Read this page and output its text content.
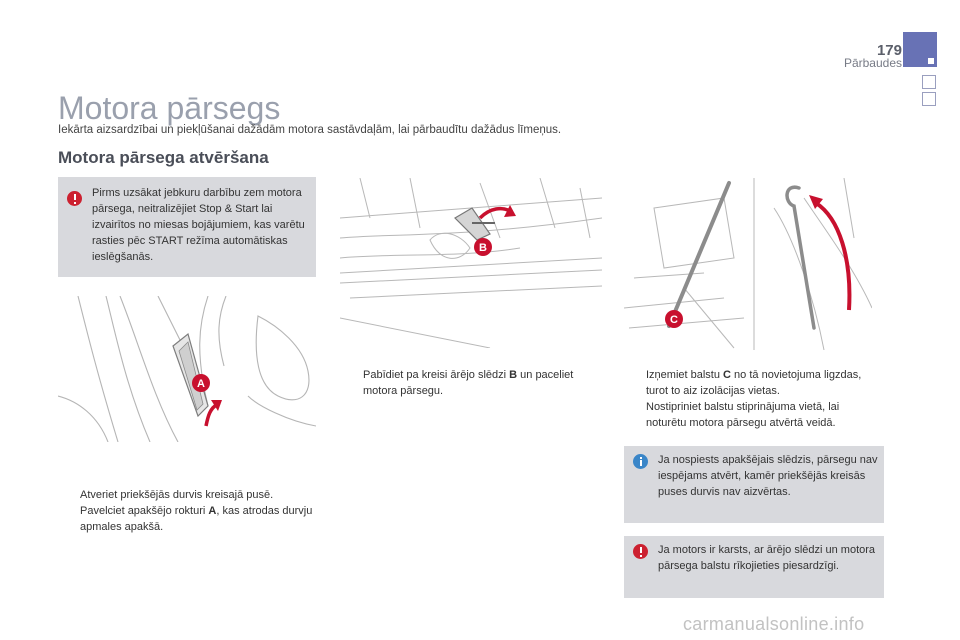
179
Pārbaudes
Motora pārsegs
Iekārta aizsardzībai un piekļūšanai dažādām motora sastāvdaļām, lai pārbaudītu dažādus līmeņus.
Motora pārsega atvēršana
Pirms uzsākat jebkuru darbību zem motora pārsega, neitralizējiet Stop & Start lai izvairītos no miesas bojājumiem, kas varētu rasties pēc START režīma automātiskas ieslēgšanās.
A
B
C
Atveriet priekšējās durvis kreisajā pusē.
Pavelciet apakšējo rokturi A, kas atrodas durvju apmales apakšā.
Pabīdiet pa kreisi ārējo slēdzi B un paceliet motora pārsegu.
Izņemiet balstu C no tā novietojuma ligzdas, turot to aiz izolācijas vietas.
Nostipriniet balstu stiprinājuma vietā, lai noturētu motora pārsegu atvērtā veidā.
Ja nospiests apakšējais slēdzis, pārsegu nav iespējams atvērt, kamēr priekšējās kreisās puses durvis nav aizvērtas.
Ja motors ir karsts, ar ārējo slēdzi un motora pārsega balstu rīkojieties piesardzīgi.
carmanualsonline.info
